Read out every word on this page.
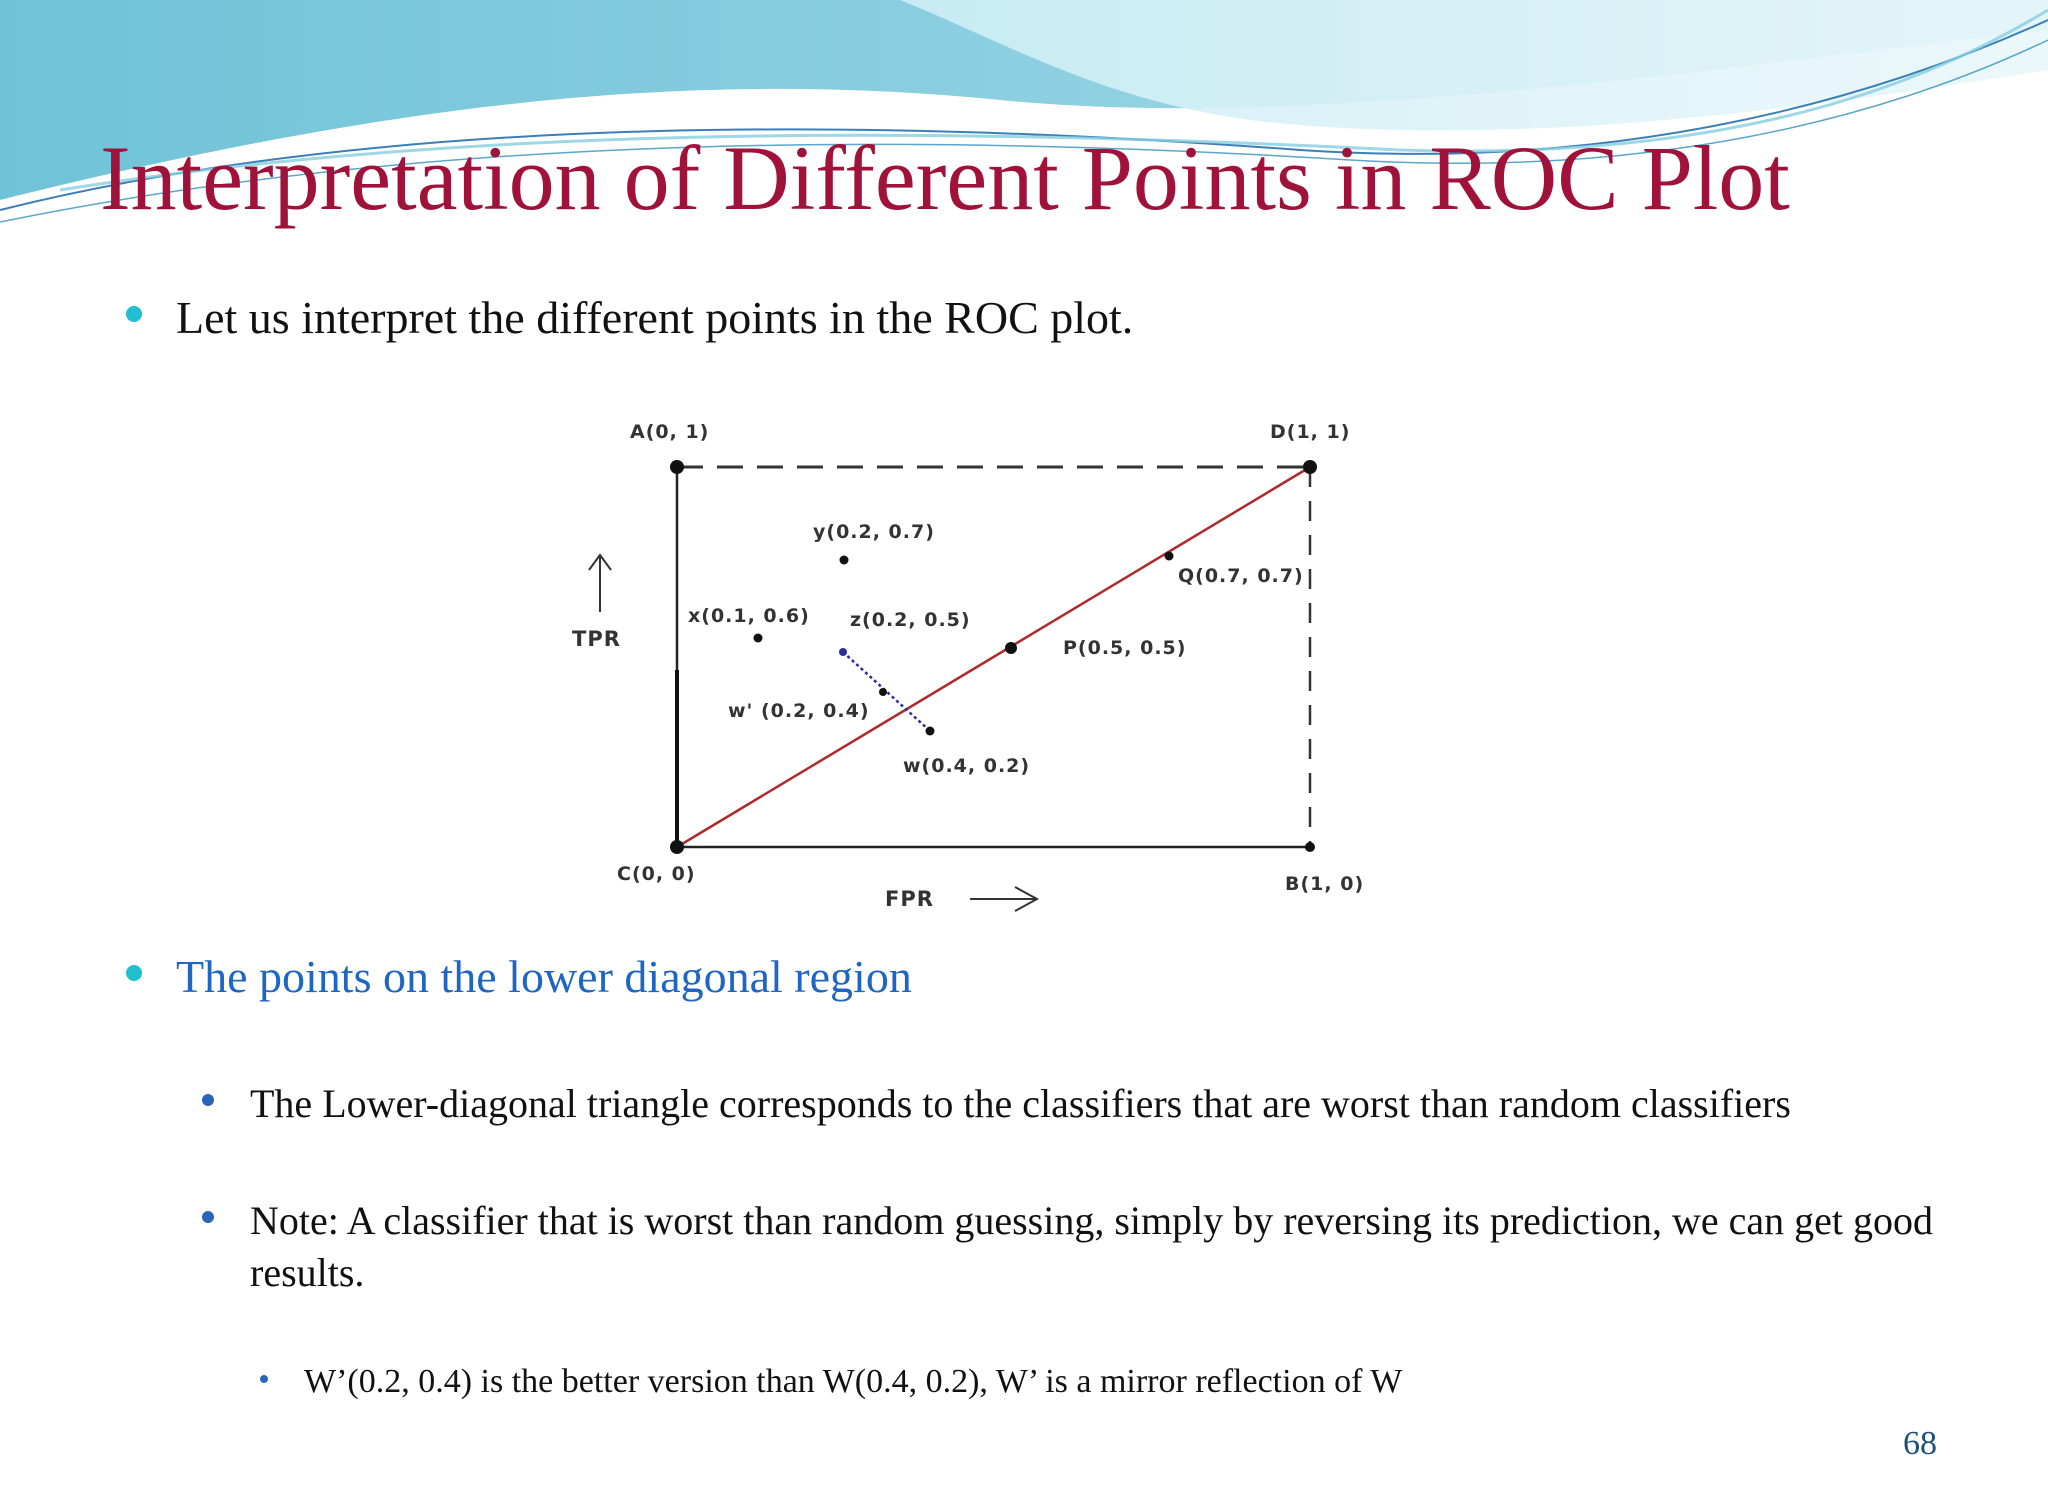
Interpretation of Different Points in ROC Plot
Let us interpret the different points in the ROC plot.
TPR
FPR
A(0, 1)	D(1, 1)
C(0, 0)	B(1, 0)
y(0.2, 0.7)
x(0.1, 0.6) z(0.2, 0.5)
Q(0.7, 0.7)
P(0.5, 0.5)
w' (0.2, 0.4)
w(0.4, 0.2)
The points on the lower diagonal region
The Lower-diagonal triangle corresponds to the classifiers that are worst than random classifiers
Note: A classifier that is worst than random guessing, simply by reversing its prediction, we can get good results.
W’(0.2, 0.4) is the better version than W(0.4, 0.2), W’ is a mirror reflection of W
68
